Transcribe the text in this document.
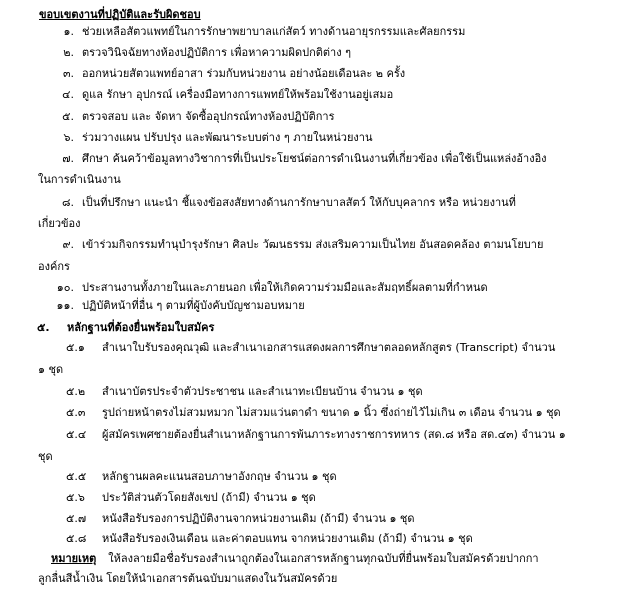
ขอบเขตงานที่ปฏิบัติและรับผิดชอบ
๑. ช่วยเหลือสัตวแพทย์ในการรักษาพยาบาลแก่สัตว์ ทางด้านอายุรกรรมและศัลยกรรม
๒. ตรวจวินิจฉัยทางห้องปฏิบัติการ เพื่อหาความผิดปกติต่าง ๆ
๓. ออกหน่วยสัตวแพทย์อาสา ร่วมกับหน่วยงาน อย่างน้อยเดือนละ ๒ ครั้ง
๔. ดูแล รักษา อุปกรณ์ เครื่องมือทางการแพทย์ให้พร้อมใช้งานอยู่เสมอ
๕. ตรวจสอบ และ จัดหา จัดซื้ออุปกรณ์ทางห้องปฏิบัติการ
๖. ร่วมวางแผน ปรับปรุง และพัฒนาระบบต่าง ๆ ภายในหน่วยงาน
๗. ศึกษา ค้นคว้าข้อมูลทางวิชาการที่เป็นประโยชน์ต่อการดำเนินงานที่เกี่ยวข้อง เพื่อใช้เป็นแหล่งอ้างอิง
ในการดำเนินงาน
๘. เป็นที่ปรึกษา แนะนำ ชี้แจงข้อสงสัยทางด้านการักษาบาลสัตว์ ให้กับบุคลากร หรือ หน่วยงานที่
เกี่ยวข้อง
๙. เข้าร่วมกิจกรรมทำนุบำรุงรักษา ศิลปะ วัฒนธรรม ส่งเสริมความเป็นไทย อันสอดคล้อง ตามนโยบาย
องค์กร
๑๐. ประสานงานทั้งภายในและภายนอก เพื่อให้เกิดความร่วมมือและสัมฤทธิ์ผลตามที่กำหนด
๑๑. ปฏิบัติหน้าที่อื่น ๆ ตามที่ผู้บังคับบัญชามอบหมาย
๕. หลักฐานที่ต้องยื่นพร้อมใบสมัคร
๕.๑ สำเนาใบรับรองคุณวุฒิ และสำเนาเอกสารแสดงผลการศึกษาตลอดหลักสูตร (Transcript) จำนวน
๑ ชุด
๕.๒ สำเนาบัตรประจำตัวประชาชน และสำเนาทะเบียนบ้าน จำนวน ๑ ชุด
๕.๓ รูปถ่ายหน้าตรงไม่สวมหมวก ไม่สวมแว่นตาดำ ขนาด ๑ นิ้ว ซึ่งถ่ายไว้ไม่เกิน ๓ เดือน จำนวน ๑ ชุด
๕.๔ ผู้สมัครเพศชายต้องยื่นสำเนาหลักฐานการพ้นภาระทางราชการทหาร (สด.๘ หรือ สด.๔๓) จำนวน ๑
ชุด
๕.๕ หลักฐานผลคะแนนสอบภาษาอังกฤษ จำนวน ๑ ชุด
๕.๖ ประวัติส่วนตัวโดยสังเขป (ถ้ามี) จำนวน ๑ ชุด
๕.๗ หนังสือรับรองการปฏิบัติงานจากหน่วยงานเดิม (ถ้ามี) จำนวน ๑ ชุด
๕.๘ หนังสือรับรองเงินเดือน และค่าตอบแทน จากหน่วยงานเดิม (ถ้ามี) จำนวน ๑ ชุด
หมายเหตุ ให้ลงลายมือชื่อรับรองสำเนาถูกต้องในเอกสารหลักฐานทุกฉบับที่ยื่นพร้อมใบสมัครด้วยปากกา
ลูกลื่นสีน้ำเงิน โดยให้นำเอกสารต้นฉบับมาแสดงในวันสมัครด้วย
